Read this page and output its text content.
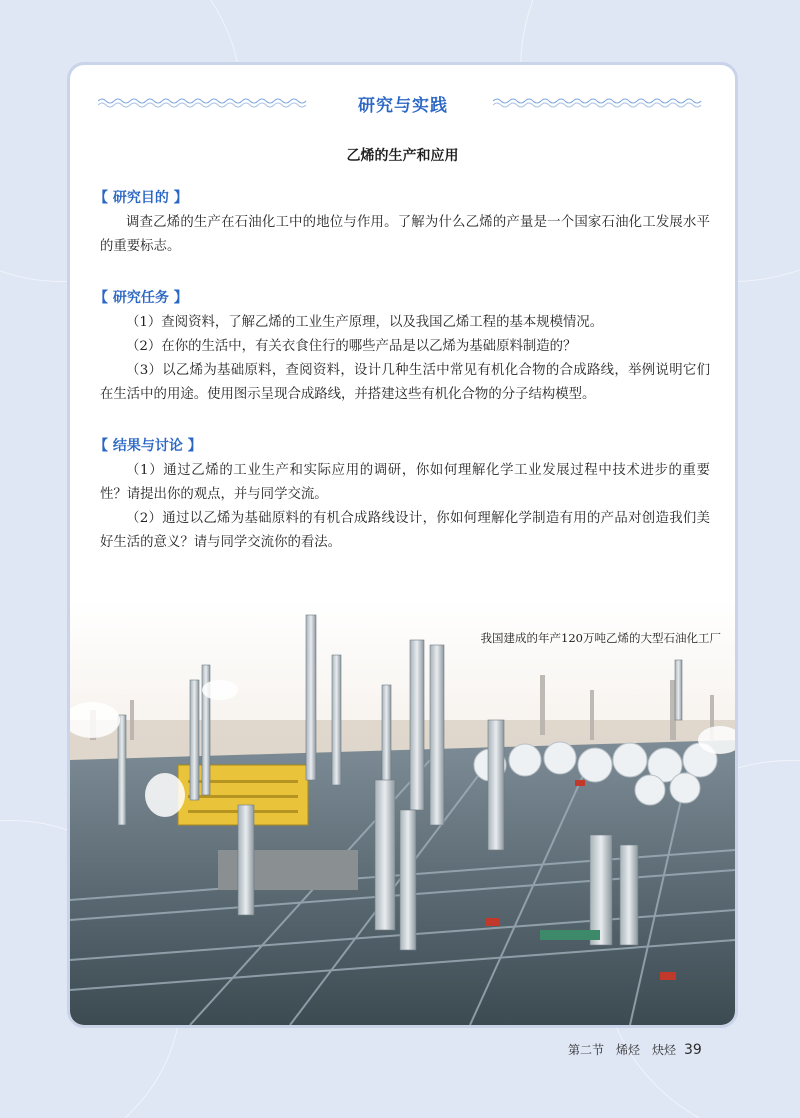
研究与实践
乙烯的生产和应用
【 研究目的 】

调查乙烯的生产在石油化工中的地位与作用。了解为什么乙烯的产量是一个国家石油化工发展水平的重要标志。

【 研究任务 】

（1）查阅资料，了解乙烯的工业生产原理，以及我国乙烯工程的基本规模情况。

（2）在你的生活中，有关衣食住行的哪些产品是以乙烯为基础原料制造的？

（3）以乙烯为基础原料，查阅资料，设计几种生活中常见有机化合物的合成路线，举例说明它们在生活中的用途。使用图示呈现合成路线，并搭建这些有机化合物的分子结构模型。

【 结果与讨论 】

（1）通过乙烯的工业生产和实际应用的调研，你如何理解化学工业发展过程中技术进步的重要性？请提出你的观点，并与同学交流。

（2）通过以乙烯为基础原料的有机合成路线设计，你如何理解化学制造有用的产品对创造我们美好生活的意义？请与同学交流你的看法。

我国建成的年产120万吨乙烯的大型石油化工厂
第二节　烯烃　炔烃 39
